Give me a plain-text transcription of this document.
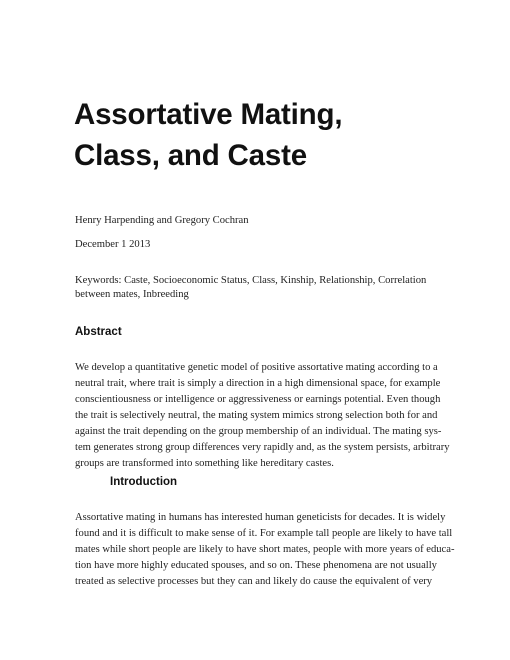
Assortative Mating,
Class, and Caste
Henry Harpending and Gregory Cochran
December 1 2013
Keywords: Caste, Socioeconomic Status, Class, Kinship, Relationship, Correlation
between mates, Inbreeding
Abstract
We develop a quantitative genetic model of positive assortative mating according to a
neutral trait, where trait is simply a direction in a high dimensional space, for example
conscientiousness or intelligence or aggressiveness or earnings potential. Even though
the trait is selectively neutral, the mating system mimics strong selection both for and
against the trait depending on the group membership of an individual. The mating sys-
tem generates strong group differences very rapidly and, as the system persists, arbitrary
groups are transformed into something like hereditary castes.
Introduction
Assortative mating in humans has interested human geneticists for decades. It is widely
found and it is difficult to make sense of it. For example tall people are likely to have tall
mates while short people are likely to have short mates, people with more years of educa-
tion have more highly educated spouses, and so on. These phenomena are not usually
treated as selective processes but they can and likely do cause the equivalent of very
